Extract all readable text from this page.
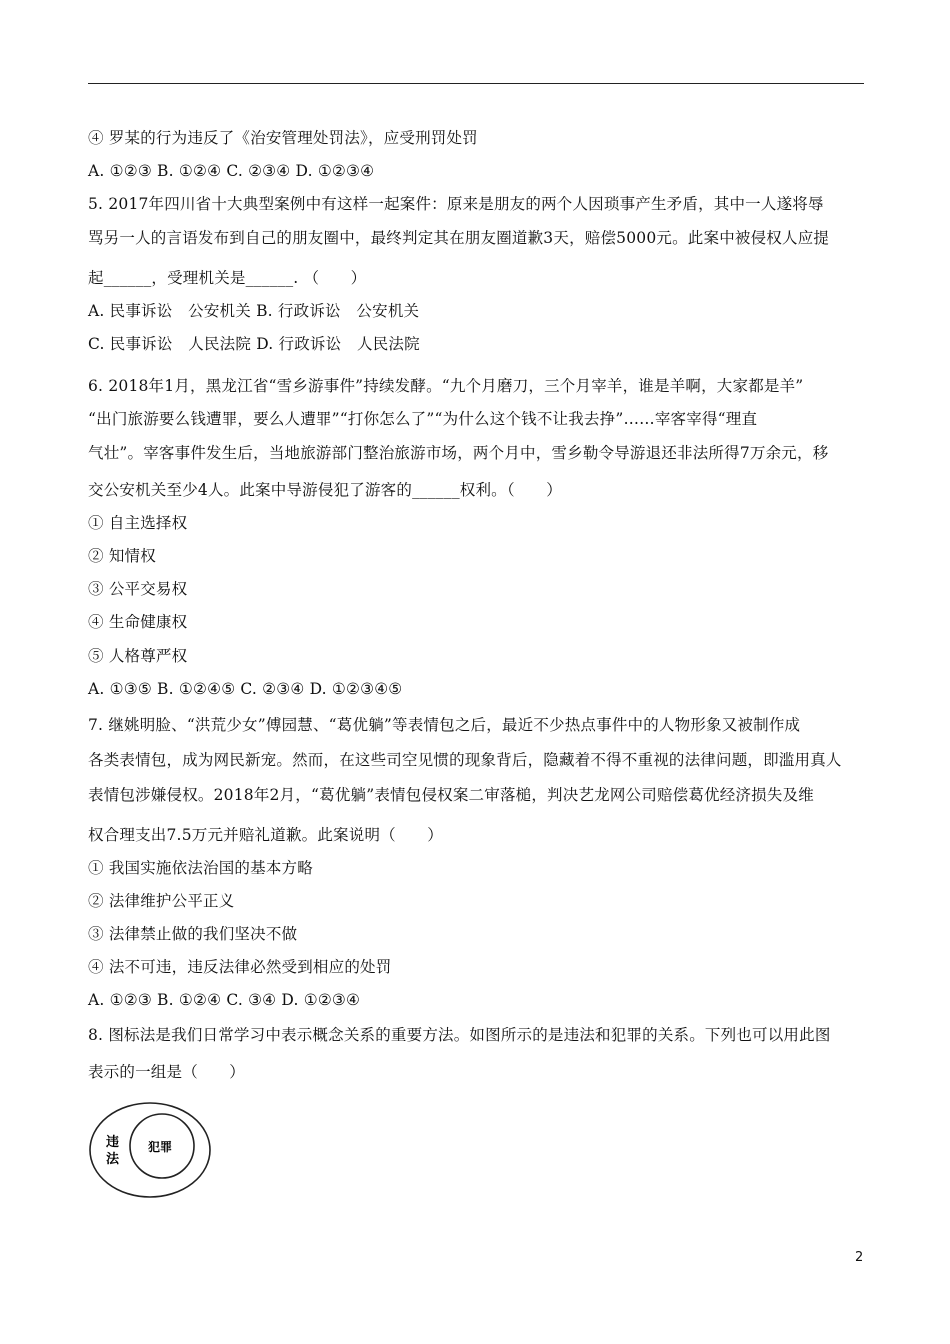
④ 罗某的行为违反了《治安管理处罚法》，应受刑罚处罚
A. ①②③ B. ①②④ C. ②③④ D. ①②③④
5. 2017年四川省十大典型案例中有这样一起案件：原来是朋友的两个人因琐事产生矛盾，其中一人遂将辱
骂另一人的言语发布到自己的朋友圈中，最终判定其在朋友圈道歉3天，赔偿5000元。此案中被侵权人应提
起______，受理机关是______. （　　）
A. 民事诉讼　公安机关 B. 行政诉讼　公安机关
C. 民事诉讼　人民法院 D. 行政诉讼　人民法院
6. 2018年1月，黑龙江省“雪乡游事件”持续发酵。“九个月磨刀，三个月宰羊，谁是羊啊，大家都是羊”
“出门旅游要么钱遭罪，要么人遭罪”“打你怎么了”“为什么这个钱不让我去挣”……宰客宰得“理直
气壮”。宰客事件发生后，当地旅游部门整治旅游市场，两个月中，雪乡勒令导游退还非法所得7万余元，移
交公安机关至少4人。此案中导游侵犯了游客的______权利。（　　）
① 自主选择权
② 知情权
③ 公平交易权
④ 生命健康权
⑤ 人格尊严权
A. ①③⑤ B. ①②④⑤ C. ②③④ D. ①②③④⑤
7. 继姚明脸、“洪荒少女”傅园慧、“葛优躺”等表情包之后，最近不少热点事件中的人物形象又被制作成
各类表情包，成为网民新宠。然而，在这些司空见惯的现象背后，隐藏着不得不重视的法律问题，即滥用真人
表情包涉嫌侵权。2018年2月，“葛优躺”表情包侵权案二审落槌，判决艺龙网公司赔偿葛优经济损失及维
权合理支出7.5万元并赔礼道歉。此案说明（　　）
① 我国实施依法治国的基本方略
② 法律维护公平正义
③ 法律禁止做的我们坚决不做
④ 法不可违，违反法律必然受到相应的处罚
A. ①②③ B. ①②④ C. ③④ D. ①②③④
8. 图标法是我们日常学习中表示概念关系的重要方法。如图所示的是违法和犯罪的关系。下列也可以用此图
表示的一组是（　　）
违
法
犯罪
2
